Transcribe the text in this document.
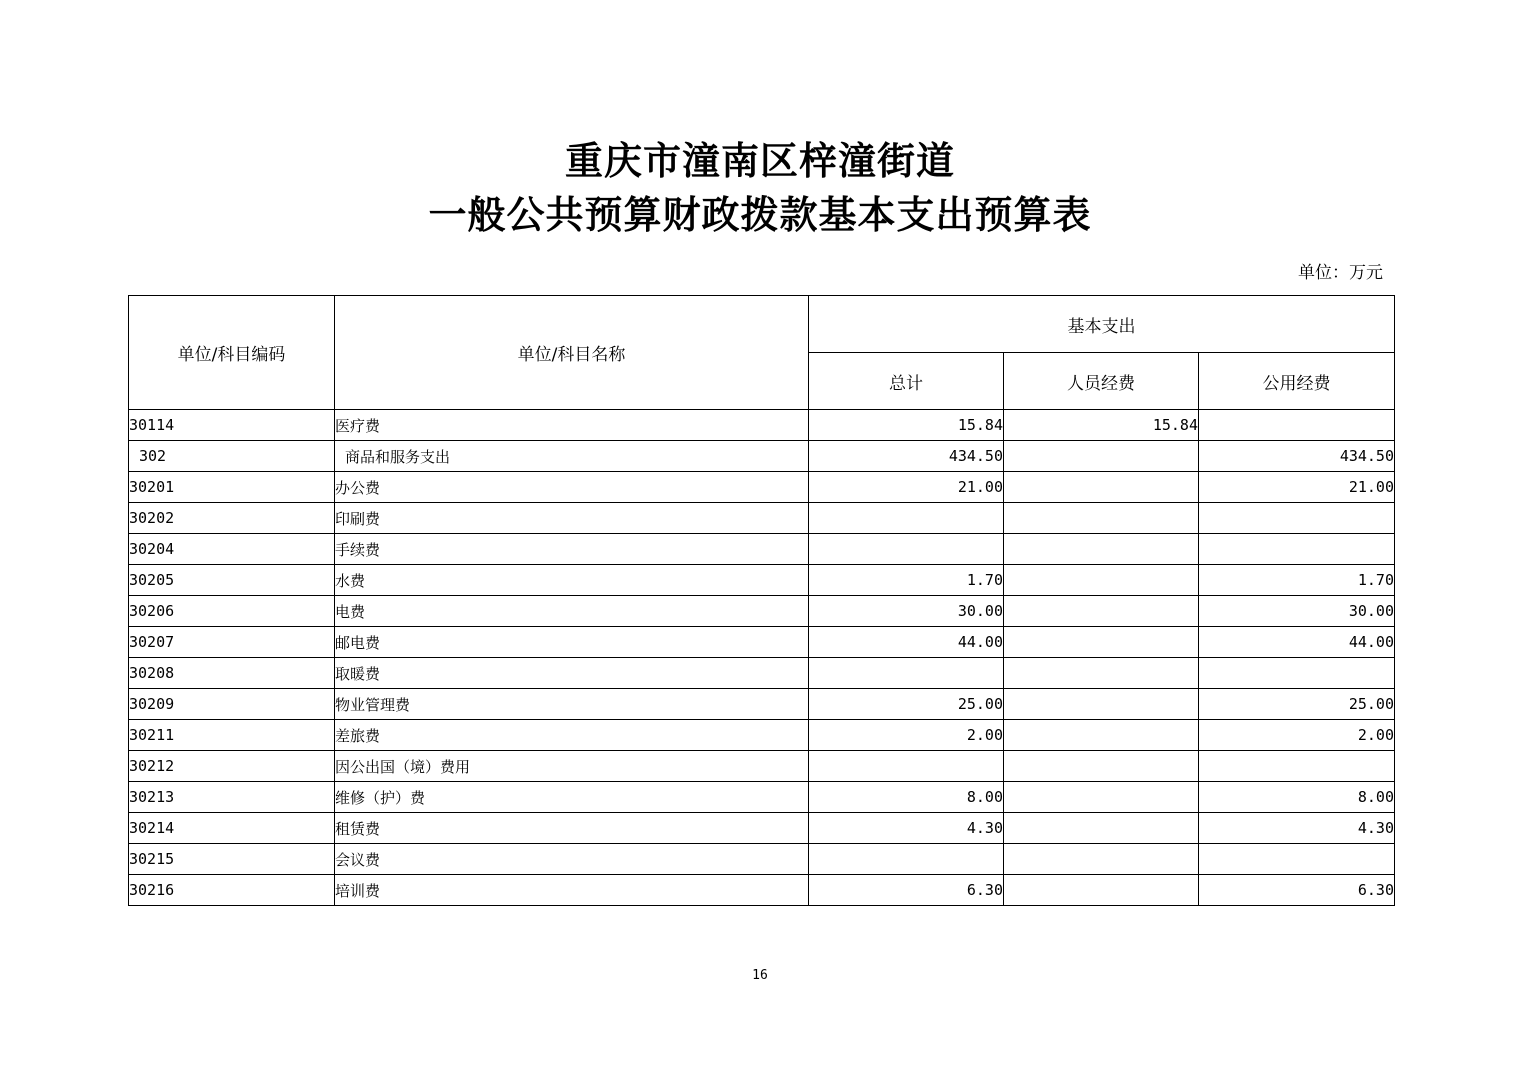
重庆市潼南区梓潼街道
一般公共预算财政拨款基本支出预算表
单位：万元
单位/科目编码	单位/科目名称	基本支出		
		总计	人员经费	公用经费
30114	医疗费	15.84	15.84	
302	商品和服务支出	434.50		434.50
30201	办公费	21.00		21.00
30202	印刷费			
30204	手续费			
30205	水费	1.70		1.70
30206	电费	30.00		30.00
30207	邮电费	44.00		44.00
30208	取暖费			
30209	物业管理费	25.00		25.00
30211	差旅费	2.00		2.00
30212	因公出国（境）费用			
30213	维修（护）费	8.00		8.00
30214	租赁费	4.30		4.30
30215	会议费			
30216	培训费	6.30		6.30
16
